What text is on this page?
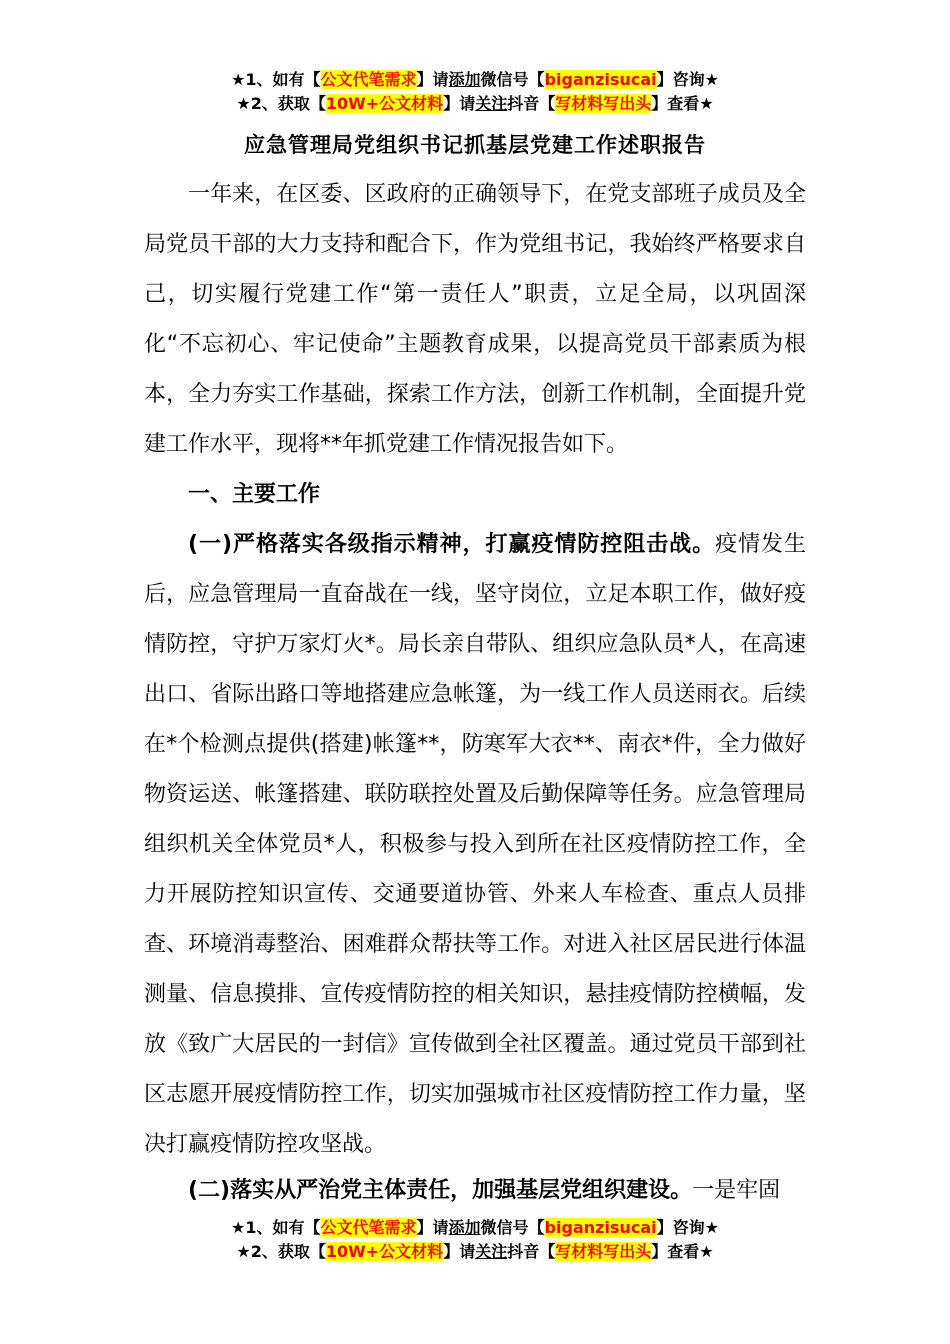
★1、如有【公文代笔需求】请添加微信号【biganzisucai】咨询★
★2、获取【10W+公文材料】请关注抖音【写材料写出头】查看★
应急管理局党组织书记抓基层党建工作述职报告

一年来，在区委、区政府的正确领导下，在党支部班子成员及全局党员干部的大力支持和配合下，作为党组书记，我始终严格要求自己，切实履行党建工作“第一责任人”职责，立足全局，以巩固深化“不忘初心、牢记使命”主题教育成果，以提高党员干部素质为根本，全力夯实工作基础，探索工作方法，创新工作机制，全面提升党建工作水平，现将**年抓党建工作情况报告如下。

一、主要工作

(一)严格落实各级指示精神，打赢疫情防控阻击战。疫情发生后，应急管理局一直奋战在一线，坚守岗位，立足本职工作，做好疫情防控，守护万家灯火*。局长亲自带队、组织应急队员*人，在高速出口、省际出路口等地搭建应急帐篷，为一线工作人员送雨衣。后续在*个检测点提供(搭建)帐篷**，防寒军大衣**、南衣*件，全力做好物资运送、帐篷搭建、联防联控处置及后勤保障等任务。应急管理局组织机关全体党员*人，积极参与投入到所在社区疫情防控工作，全力开展防控知识宣传、交通要道协管、外来人车检查、重点人员排查、环境消毒整治、困难群众帮扶等工作。对进入社区居民进行体温测量、信息摸排、宣传疫情防控的相关知识，悬挂疫情防控横幅，发放《致广大居民的一封信》宣传做到全社区覆盖。通过党员干部到社区志愿开展疫情防控工作，切实加强城市社区疫情防控工作力量，坚决打赢疫情防控攻坚战。

(二)落实从严治党主体责任，加强基层党组织建设。一是牢固

★1、如有【公文代笔需求】请添加微信号【biganzisucai】咨询★
★2、获取【10W+公文材料】请关注抖音【写材料写出头】查看★
